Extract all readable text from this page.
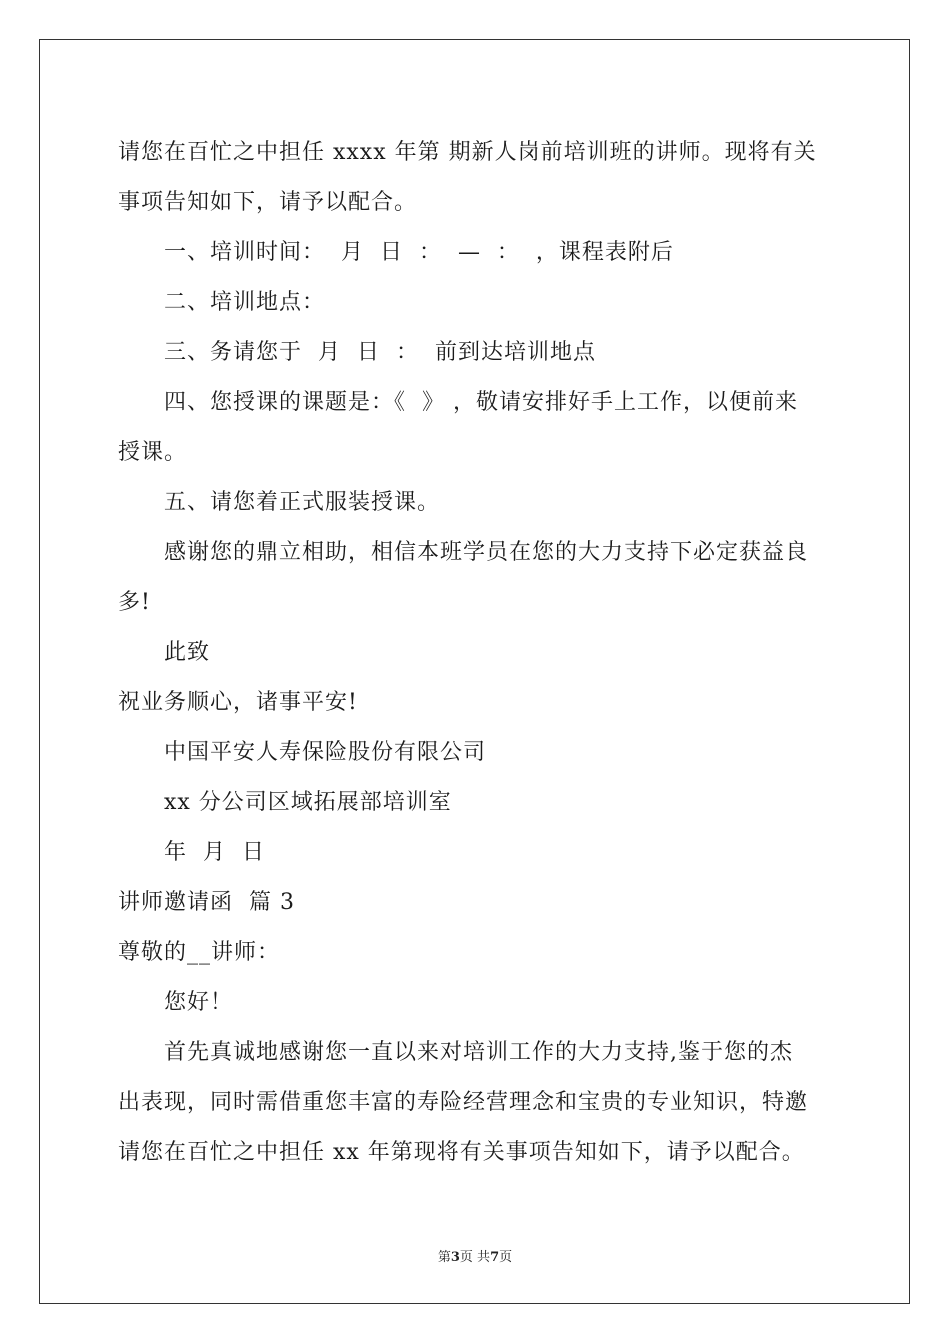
请您在百忙之中担任 xxxx 年第 期新人岗前培训班的讲师。现将有关
事项告知如下，请予以配合。
一、培训时间：  月  日  ：  —  ：  ，课程表附后
二、培训地点：
三、务请您于  月  日  ：  前到达培训地点
四、您授课的课题是：《  》 ，敬请安排好手上工作，以便前来
授课。
五、请您着正式服装授课。
感谢您的鼎立相助，相信本班学员在您的大力支持下必定获益良
多!
此致
祝业务顺心，诸事平安!
中国平安人寿保险股份有限公司
xx 分公司区域拓展部培训室
年  月  日
讲师邀请函  篇 3
尊敬的__讲师：
您好！
首先真诚地感谢您一直以来对培训工作的大力支持,鉴于您的杰
出表现，同时需借重您丰富的寿险经营理念和宝贵的专业知识，特邀
请您在百忙之中担任 xx 年第现将有关事项告知如下，请予以配合。
第3页 共7页
